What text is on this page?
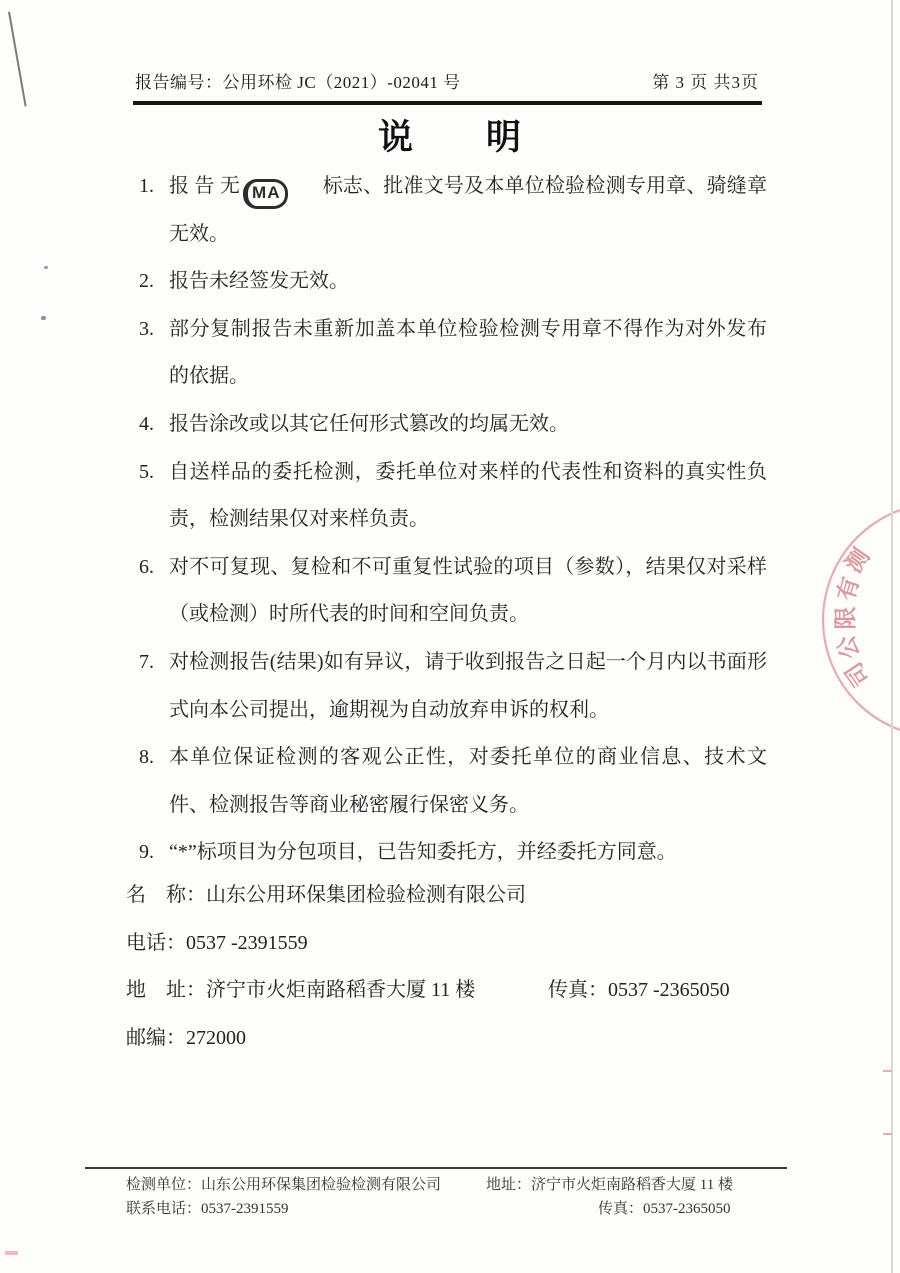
报告编号：公用环检 JC（2021）-02041 号	第 3 页 共3页
说　　明
1. 报 告 无 MA 标志、批准文号及本单位检验检测专用章、骑缝章无效。
2. 报告未经签发无效。
3. 部分复制报告未重新加盖本单位检验检测专用章不得作为对外发布的依据。
4. 报告涂改或以其它任何形式篡改的均属无效。
5. 自送样品的委托检测，委托单位对来样的代表性和资料的真实性负责，检测结果仅对来样负责。
6. 对不可复现、复检和不可重复性试验的项目（参数），结果仅对采样（或检测）时所代表的时间和空间负责。
7. 对检测报告(结果)如有异议，请于收到报告之日起一个月内以书面形式向本公司提出，逾期视为自动放弃申诉的权利。
8. 本单位保证检测的客观公正性，对委托单位的商业信息、技术文件、检测报告等商业秘密履行保密义务。
9. “*”标项目为分包项目，已告知委托方，并经委托方同意。
名　称：山东公用环保集团检验检测有限公司
电话：0537 -2391559
地　址：济宁市火炬南路稻香大厦 11 楼	传真：0537 -2365050
邮编：272000
检测单位：山东公用环保集团检验检测有限公司	地址：济宁市火炬南路稻香大厦 11 楼
联系电话：0537-2391559	传真：0537-2365050
测
有
限
公
司
